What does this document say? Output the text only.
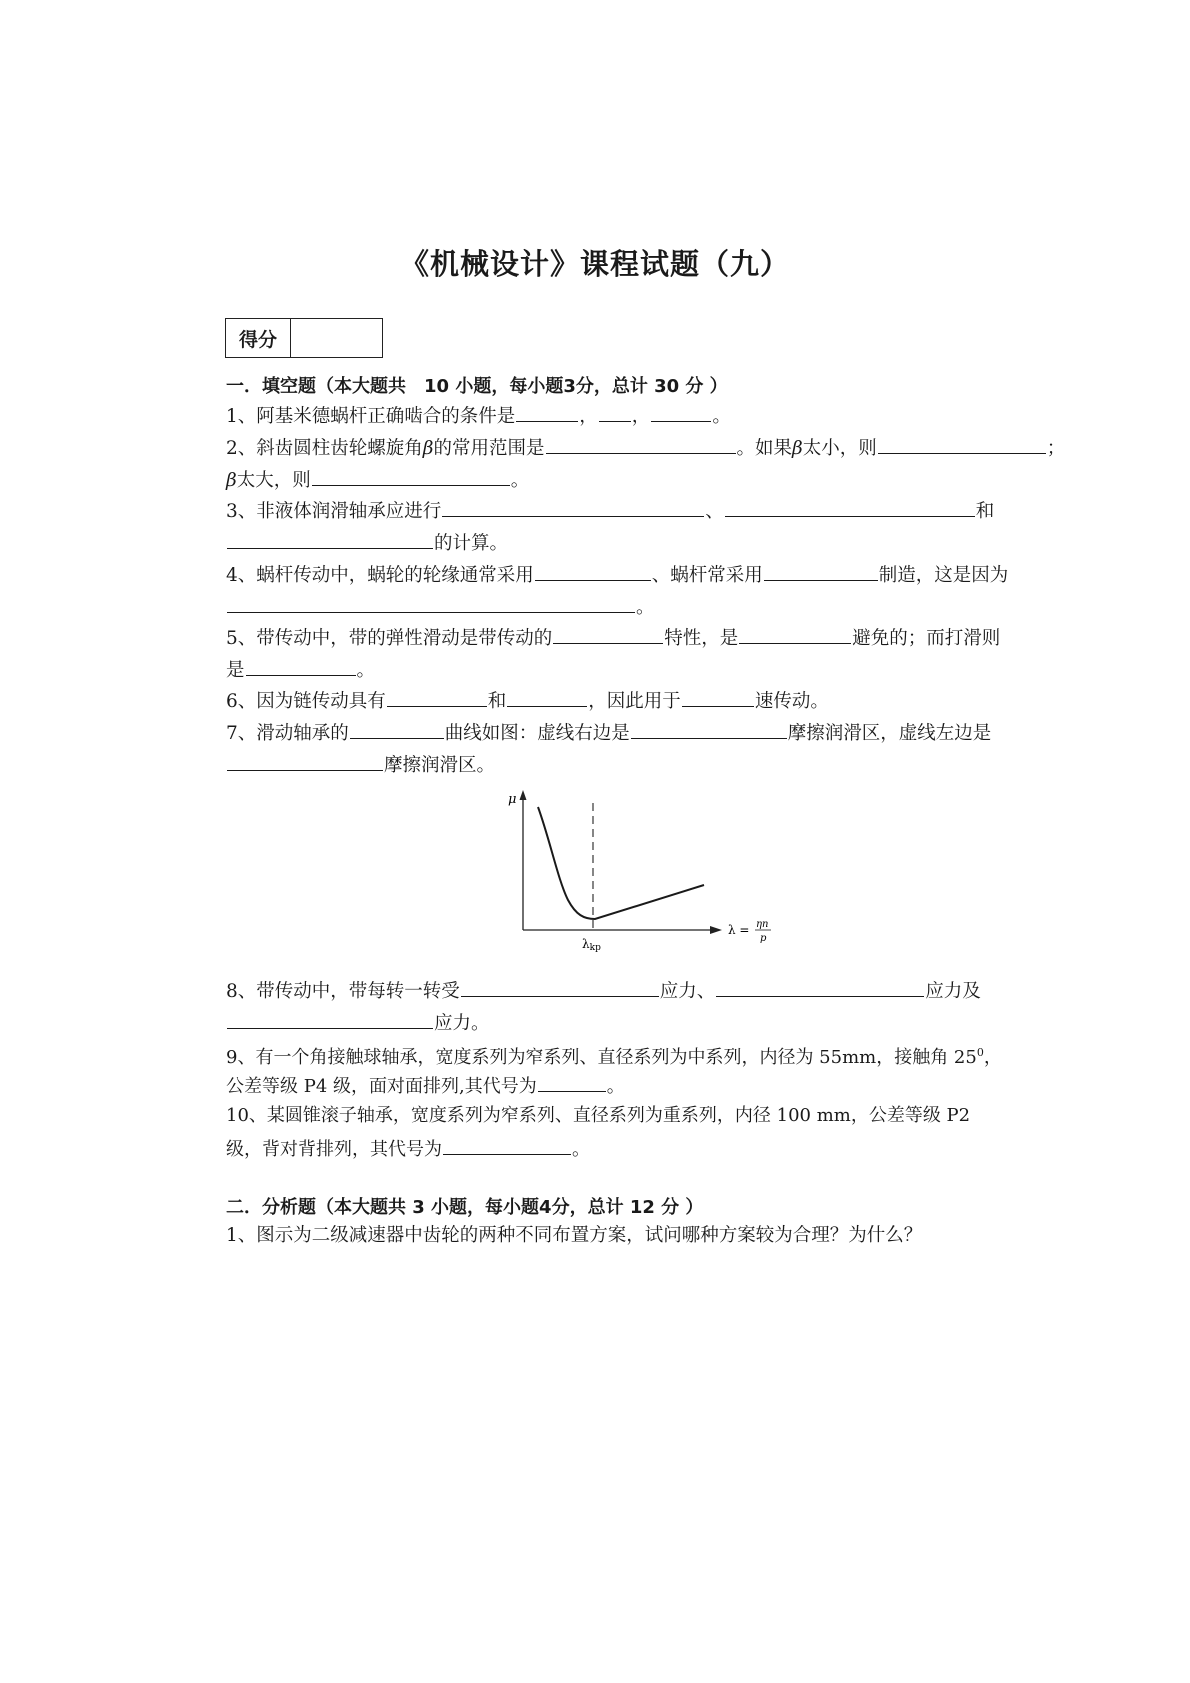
《机械设计》课程试题（九）
得分
一．填空题（本大题共　10 小题，每小题3分，总计 30 分 ）
1、阿基米德蜗杆正确啮合的条件是	， ，	。
2、斜齿圆柱齿轮螺旋角β的常用范围是	。如果β太小，则	；
β太大，则	。
3、非液体润滑轴承应进行	、	和
的计算。
4、蜗杆传动中，蜗轮的轮缘通常采用	、蜗杆常采用	制造，这是因为
。
5、带传动中，带的弹性滑动是带传动的	特性，是	避免的；而打滑则
是	。
6、因为链传动具有	和	，因此用于	速传动。
7、滑动轴承的	曲线如图：虚线右边是	摩擦润滑区，虚线左边是
摩擦润滑区。
μ
λkp
λ = ηn
p
8、带传动中，带每转一转受	应力、	应力及
应力。
9、有一个角接触球轴承，宽度系列为窄系列、直径系列为中系列，内径为 55mm，接触角 $25^0$，
公差等级 P4 级，面对面排列,其代号为	。
10、某圆锥滚子轴承，宽度系列为窄系列、直径系列为重系列，内径 100 mm，公差等级 P2
级，背对背排列，其代号为	。
二．分析题（本大题共 3 小题，每小题4分，总计 12 分 ）
1、图示为二级减速器中齿轮的两种不同布置方案，试问哪种方案较为合理？为什么？
